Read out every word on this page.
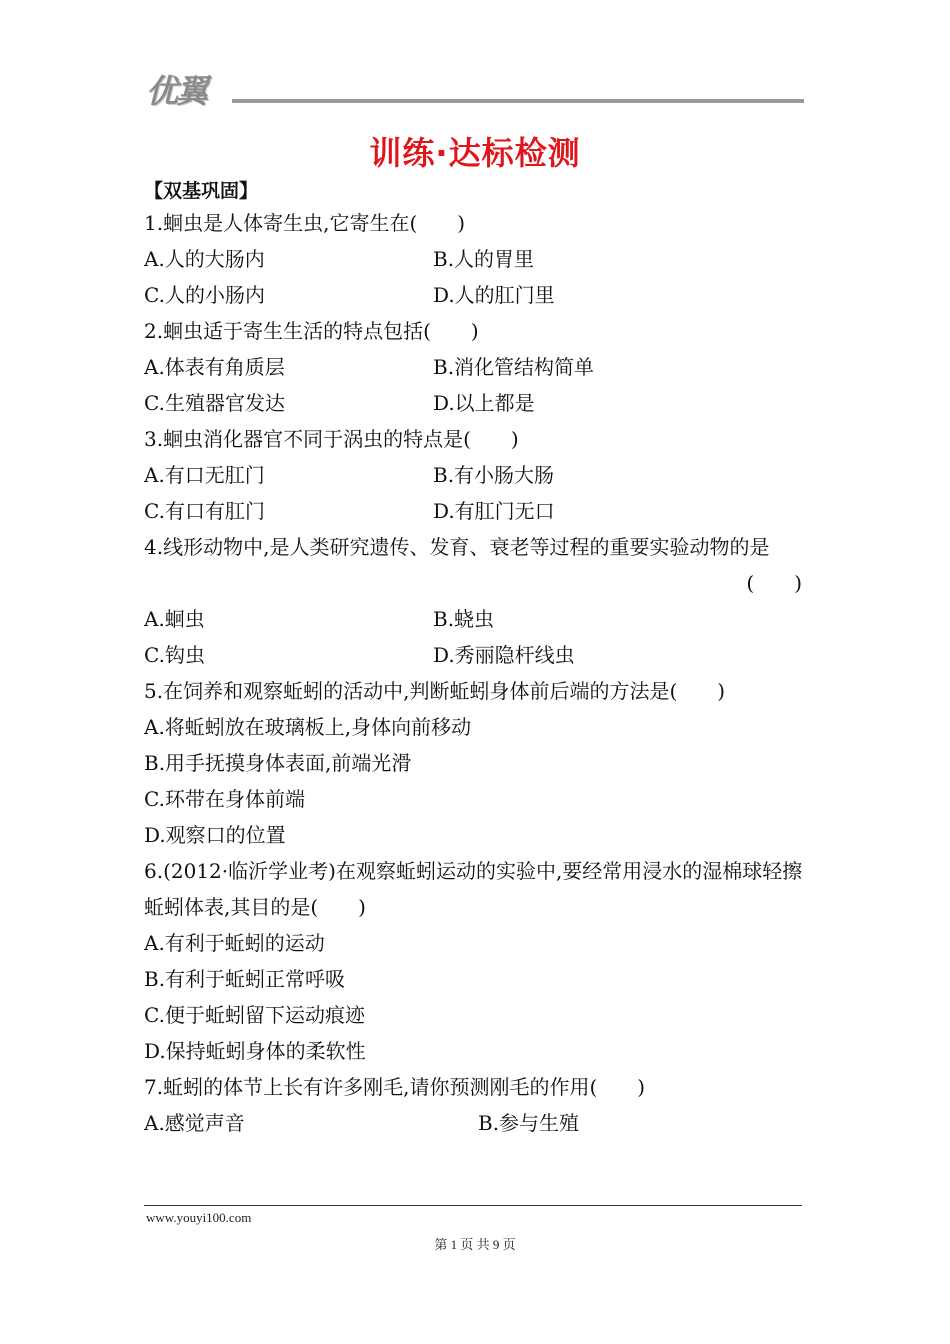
优翼
训练·达标检测
【双基巩固】
1.蛔虫是人体寄生虫,它寄生在(　　)
A.人的大肠内	B.人的胃里
C.人的小肠内	D.人的肛门里
2.蛔虫适于寄生生活的特点包括(　　)
A.体表有角质层	B.消化管结构简单
C.生殖器官发达	D.以上都是
3.蛔虫消化器官不同于涡虫的特点是(　　)
A.有口无肛门	B.有小肠大肠
C.有口有肛门	D.有肛门无口
4.线形动物中,是人类研究遗传、发育、衰老等过程的重要实验动物的是
(　　)
A.蛔虫	B.蛲虫
C.钩虫	D.秀丽隐杆线虫
5.在饲养和观察蚯蚓的活动中,判断蚯蚓身体前后端的方法是(　　)
A.将蚯蚓放在玻璃板上,身体向前移动
B.用手抚摸身体表面,前端光滑
C.环带在身体前端
D.观察口的位置
6.(2012·临沂学业考)在观察蚯蚓运动的实验中,要经常用浸水的湿棉球轻擦蚯蚓体表,其目的是(　　)
A.有利于蚯蚓的运动
B.有利于蚯蚓正常呼吸
C.便于蚯蚓留下运动痕迹
D.保持蚯蚓身体的柔软性
7.蚯蚓的体节上长有许多刚毛,请你预测刚毛的作用(　　)
A.感觉声音	B.参与生殖
www.youyi100.com
第 1 页 共 9 页
